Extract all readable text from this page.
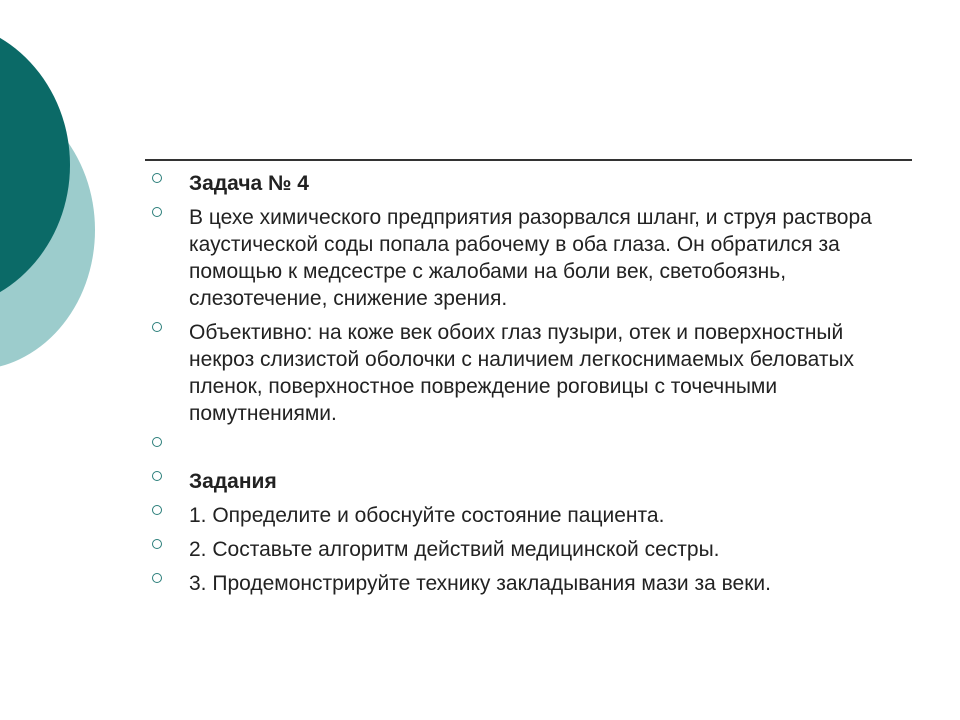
Задача № 4
В цехе химического предприятия разорвался шланг, и струя раствора каустической соды попала рабочему в оба глаза. Он обратился за помощью к медсестре с жалобами на боли век, светобоязнь, слезотечение, снижение зрения.
Объективно: на коже век обоих глаз пузыри, отек и поверхностный некроз слизистой оболочки с наличием легкоснимаемых беловатых пленок, поверхностное повреждение роговицы с точечными помутнениями.
Задания
1. Определите и обоснуйте состояние пациента.
2. Составьте алгоритм действий медицинской сестры.
3. Продемонстрируйте технику закладывания мази за веки.
